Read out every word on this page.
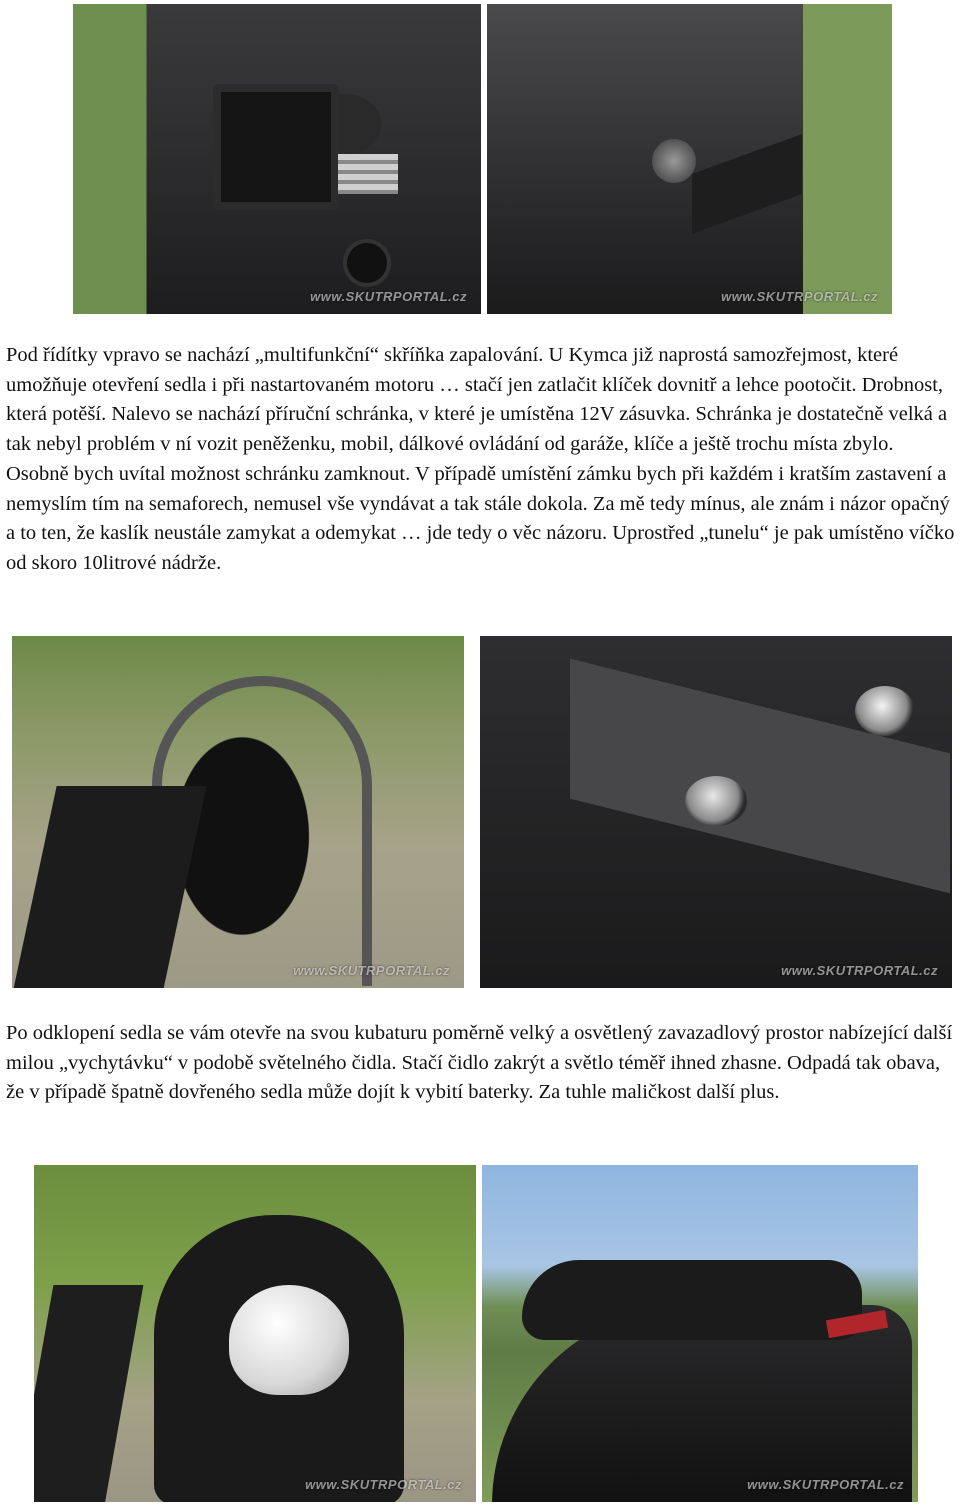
www.SKUTRPORTAL.cz	www.SKUTRPORTAL.cz

Pod řídítky vpravo se nachází „multifunkční“ skříňka zapalování. U Kymca již naprostá samozřejmost, které umožňuje otevření sedla i při nastartovaném motoru … stačí jen zatlačit klíček dovnitř a lehce pootočit. Drobnost, která potěší. Nalevo se nachází příruční schránka, v které je umístěna 12V zásuvka. Schránka je dostatečně velká a tak nebyl problém v ní vozit peněženku, mobil, dálkové ovládání od garáže, klíče a ještě trochu místa zbylo. Osobně bych uvítal možnost schránku zamknout. V případě umístění zámku bych při každém i kratším zastavení a nemyslím tím na semaforech, nemusel vše vyndávat a tak stále dokola. Za mě tedy mínus, ale znám i názor opačný a to ten, že kaslík neustále zamykat a odemykat … jde tedy o věc názoru. Uprostřed „tunelu“ je pak umístěno víčko od skoro 10litrové nádrže.

www.SKUTRPORTAL.cz	www.SKUTRPORTAL.cz

Po odklopení sedla se vám otevře na svou kubaturu poměrně velký a osvětlený zavazadlový prostor nabízející další milou „vychytávku“ v podobě světelného čidla. Stačí čidlo zakrýt a světlo téměř ihned zhasne. Odpadá tak obava, že v případě špatně dovřeného sedla může dojít k vybití baterky. Za tuhle maličkost další plus.

www.SKUTRPORTAL.cz	www.SKUTRPORTAL.cz
